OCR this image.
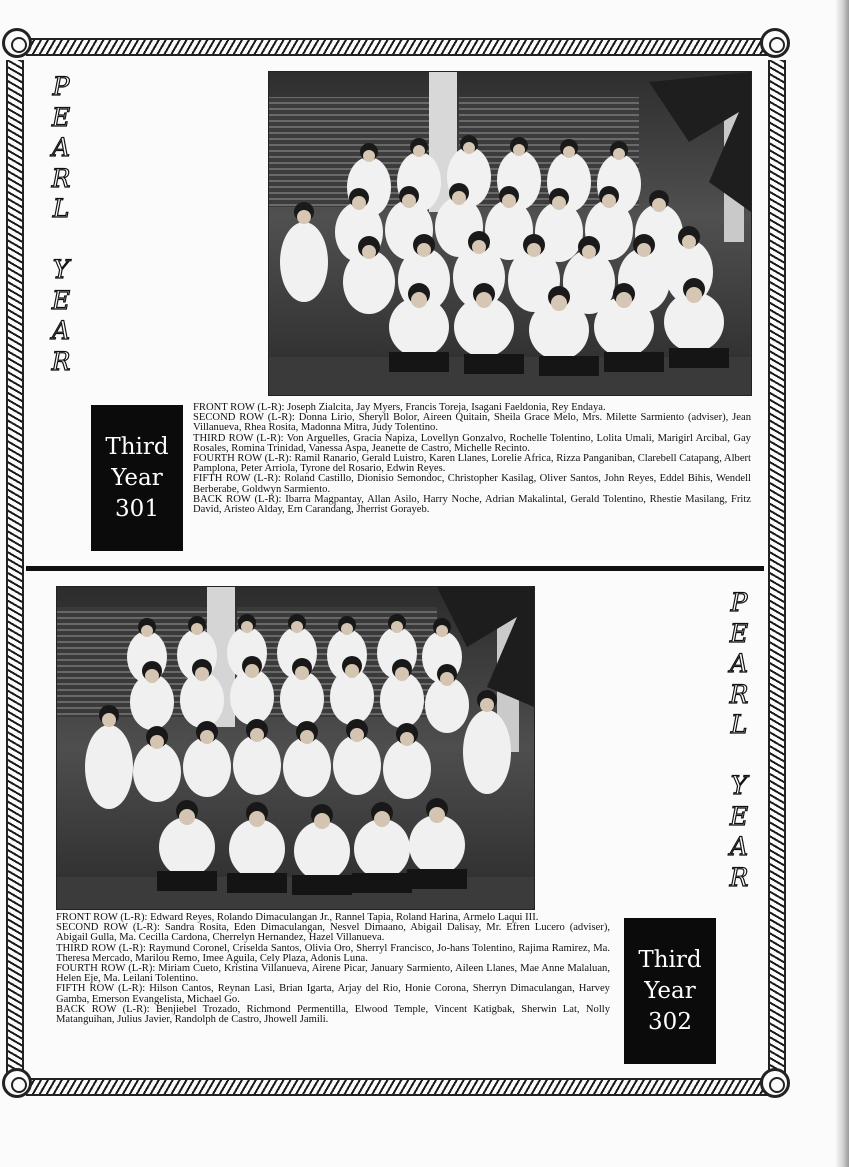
P
E
A
R
L
Y
E
A
R
P
E
A
R
L
Y
E
A
R
Third
Year
301

FRONT ROW (L-R): Joseph Zialcita, Jay Myers, Francis Toreja, Isagani Faeldonia, Rey Endaya.

SECOND ROW (L-R): Donna Lirio, Sheryll Bolor, Aireen Quitain, Sheila Grace Melo, Mrs. Milette Sarmiento (adviser), Jean Villanueva, Rhea Rosita, Madonna Mitra, Judy Tolentino.

THIRD ROW (L-R): Von Arguelles, Gracia Napiza, Lovellyn Gonzalvo, Rochelle Tolentino, Lolita Umali, Marigirl Arcibal, Gay Rosales, Romina Trinidad, Vanessa Aspa, Jeanette de Castro, Michelle Recinto.

FOURTH ROW (L-R): Ramil Ranario, Gerald Luistro, Karen Llanes, Lorelie Africa, Rizza Panganiban, Clarebell Catapang, Albert Pamplona, Peter Arriola, Tyrone del Rosario, Edwin Reyes.

FIFTH ROW (L-R): Roland Castillo, Dionisio Semondoc, Christopher Kasilag, Oliver Santos, John Reyes, Eddel Bihis, Wendell Berberabe, Goldwyn Sarmiento.

BACK ROW (L-R): Ibarra Magpantay, Allan Asilo, Harry Noche, Adrian Makalintal, Gerald Tolentino, Rhestie Masilang, Fritz David, Aristeo Alday, Ern Carandang, Jherrist Gorayeb.

FRONT ROW (L-R): Edward Reyes, Rolando Dimaculangan Jr., Rannel Tapia, Roland Harina, Armelo Laqui III.

SECOND ROW (L-R): Sandra Rosita, Eden Dimaculangan, Nesvel Dimaano, Abigail Dalisay, Mr. Efren Lucero (adviser), Abigail Gulla, Ma. Cecilla Cardona, Cherrelyn Hernandez, Hazel Villanueva.

THIRD ROW (L-R): Raymund Coronel, Criselda Santos, Olivia Oro, Sherryl Francisco, Jo-hans Tolentino, Rajima Ramirez, Ma. Theresa Mercado, Marilou Remo, Imee Aguila, Cely Plaza, Adonis Luna.

FOURTH ROW (L-R): Miriam Cueto, Kristina Villanueva, Airene Picar, January Sarmiento, Aileen Llanes, Mae Anne Malaluan, Helen Eje, Ma. Leilani Tolentino.

FIFTH ROW (L-R): Hilson Cantos, Reynan Lasi, Brian Igarta, Arjay del Rio, Honie Corona, Sherryn Dimaculangan, Harvey Gamba, Emerson Evangelista, Michael Go.

BACK ROW (L-R): Benjiebel Trozado, Richmond Permentilla, Elwood Temple, Vincent Katigbak, Sherwin Lat, Nolly Matanguihan, Julius Javier, Randolph de Castro, Jhowell Jamili.

Third
Year
302
